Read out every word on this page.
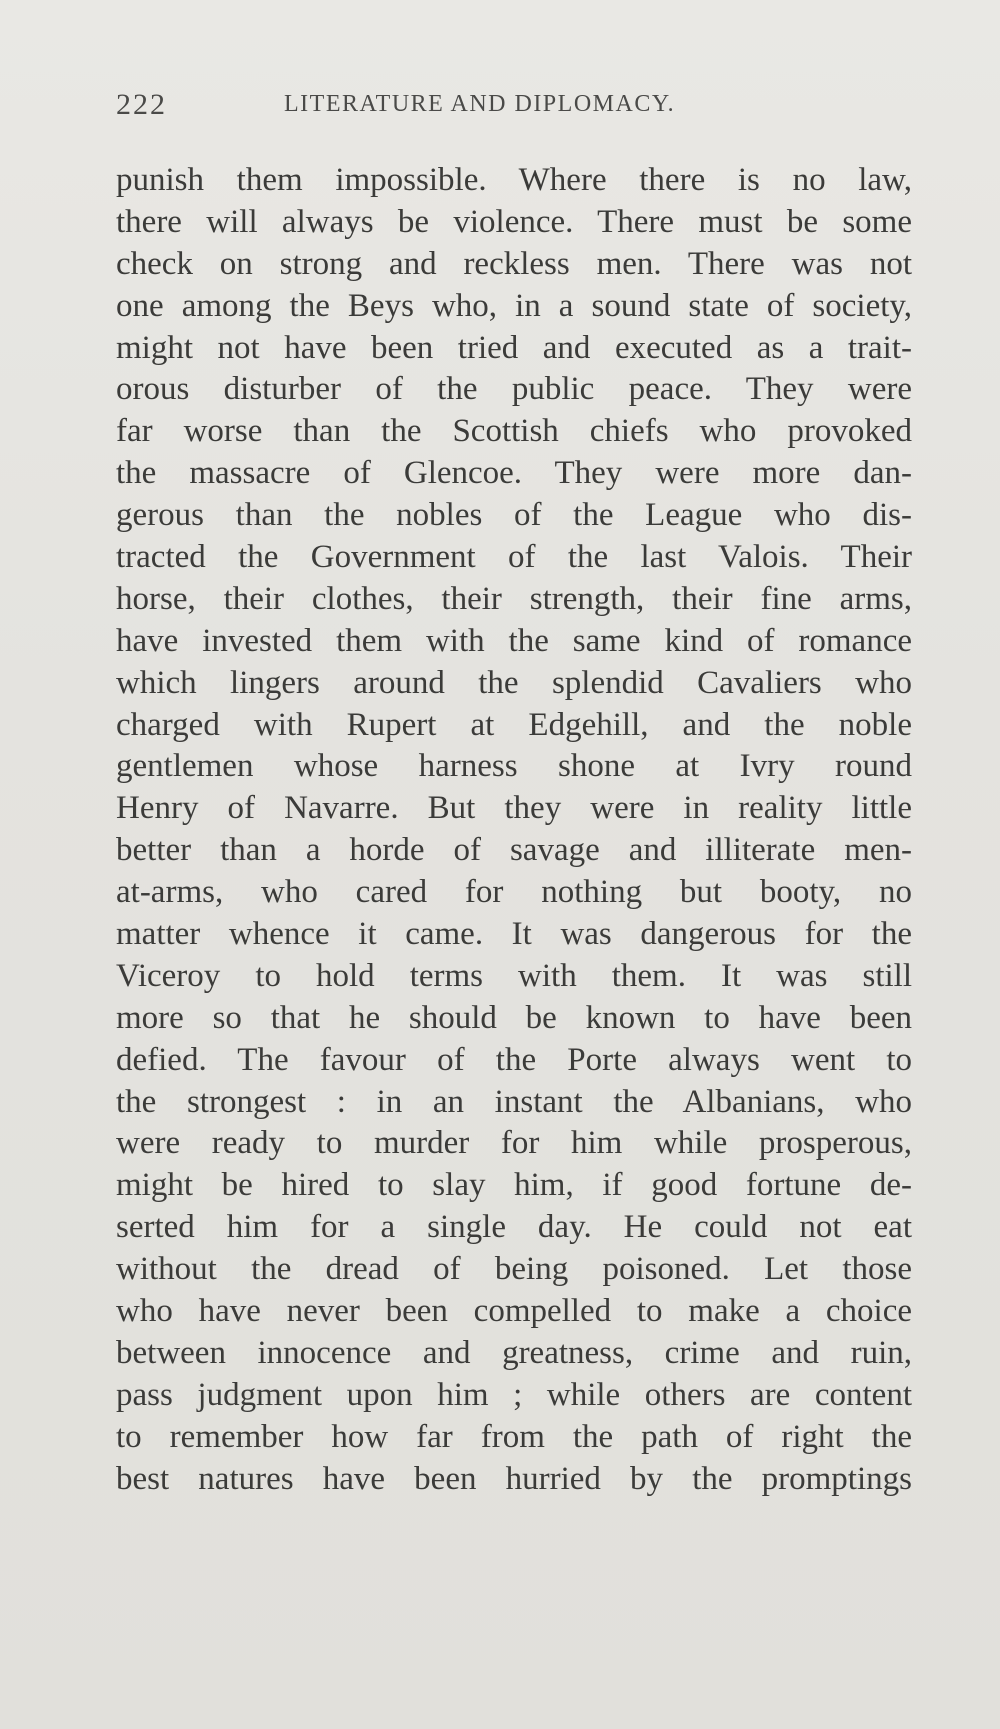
222	LITERATURE AND DIPLOMACY.
punish them impossible. Where there is no law,
there will always be violence. There must be some
check on strong and reckless men. There was not
one among the Beys who, in a sound state of society,
might not have been tried and executed as a trait-
orous disturber of the public peace. They were
far worse than the Scottish chiefs who provoked
the massacre of Glencoe. They were more dan-
gerous than the nobles of the League who dis-
tracted the Government of the last Valois. Their
horse, their clothes, their strength, their fine arms,
have invested them with the same kind of romance
which lingers around the splendid Cavaliers who
charged with Rupert at Edgehill, and the noble
gentlemen whose harness shone at Ivry round
Henry of Navarre. But they were in reality little
better than a horde of savage and illiterate men-
at-arms, who cared for nothing but booty, no
matter whence it came. It was dangerous for the
Viceroy to hold terms with them. It was still
more so that he should be known to have been
defied. The favour of the Porte always went to
the strongest : in an instant the Albanians, who
were ready to murder for him while prosperous,
might be hired to slay him, if good fortune de-
serted him for a single day. He could not eat
without the dread of being poisoned. Let those
who have never been compelled to make a choice
between innocence and greatness, crime and ruin,
pass judgment upon him ; while others are content
to remember how far from the path of right the
best natures have been hurried by the promptings
